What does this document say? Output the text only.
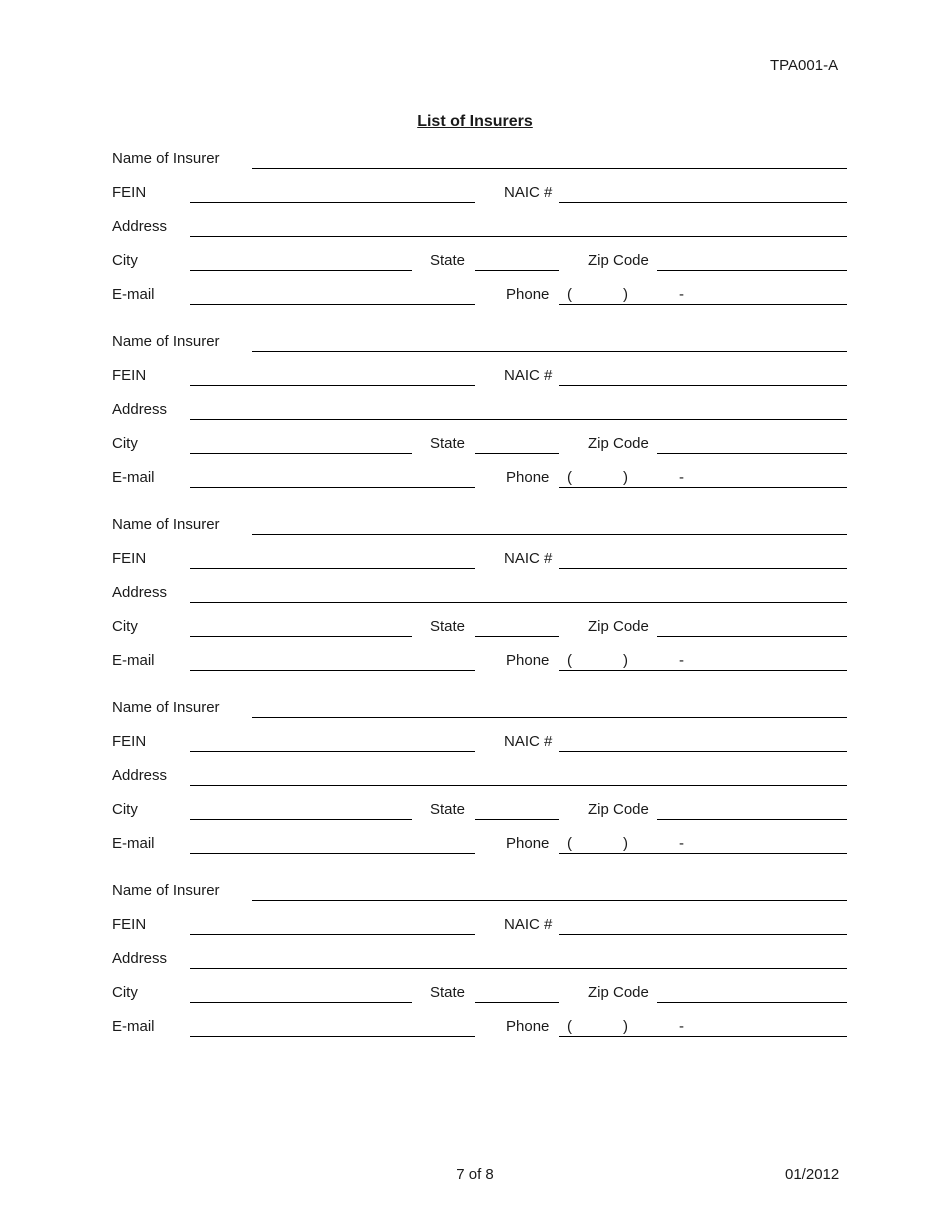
TPA001-A
List of Insurers
Name of Insurer
FEIN	NAIC #
Address
City	State	Zip Code
E-mail	Phone (	)	-
Name of Insurer
FEIN	NAIC #
Address
City	State	Zip Code
E-mail	Phone (	)	-
Name of Insurer
FEIN	NAIC #
Address
City	State	Zip Code
E-mail	Phone (	)	-
Name of Insurer
FEIN	NAIC #
Address
City	State	Zip Code
E-mail	Phone (	)	-
Name of Insurer
FEIN	NAIC #
Address
City	State	Zip Code
E-mail	Phone (	)	-
7 of 8	01/2012
